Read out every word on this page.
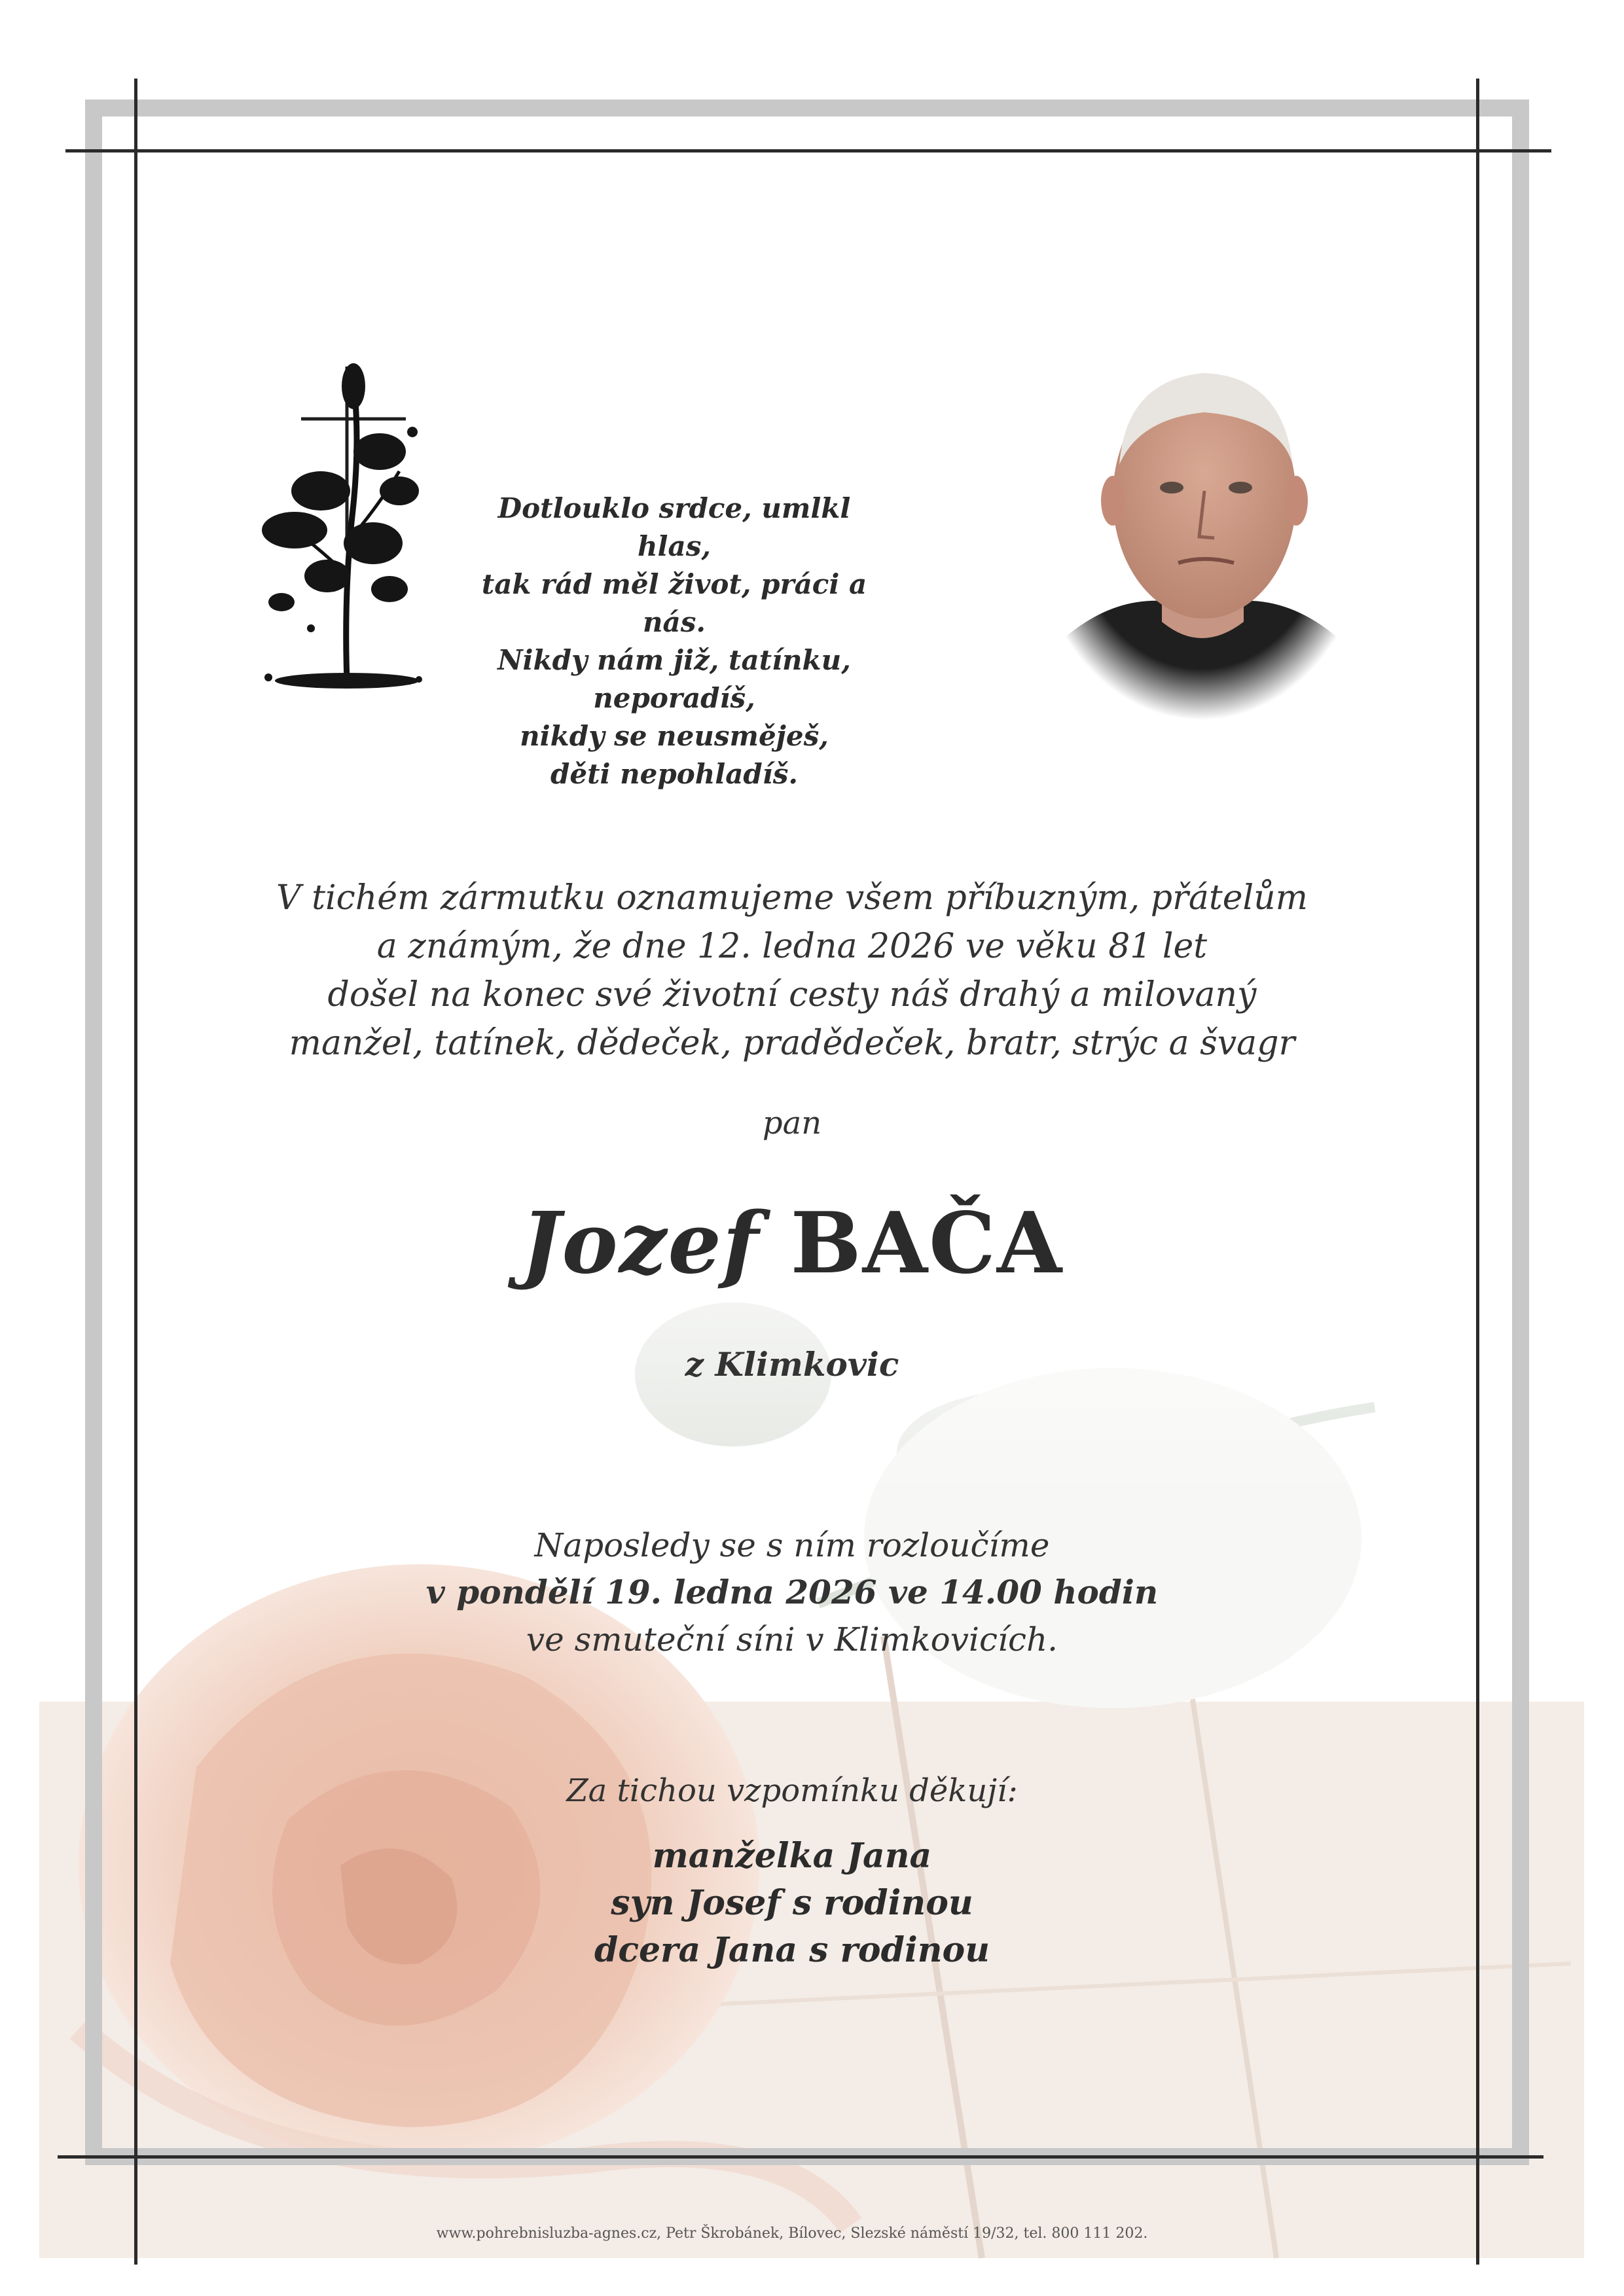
Dotlouklo srdce, umlkl hlas,
tak rád měl život, práci a nás.
Nikdy nám již, tatínku, neporadíš,
nikdy se neusměješ,
děti nepohladíš.
V tichém zármutku oznamujeme všem příbuzným, přátelům
a známým, že dne 12. ledna 2026 ve věku 81 let
došel na konec své životní cesty náš drahý a milovaný
manžel, tatínek, dědeček, pradědeček, bratr, strýc a švagr
pan
Jozef BAČA
z Klimkovic
Naposledy se s ním rozloučíme
v pondělí 19. ledna 2026 ve 14.00 hodin
ve smuteční síni v Klimkovicích.
Za tichou vzpomínku děkují:
manželka Jana
syn Josef s rodinou
dcera Jana s rodinou
www.pohrebnisluzba-agnes.cz, Petr Škrobánek, Bílovec, Slezské náměstí 19/32, tel. 800 111 202.
